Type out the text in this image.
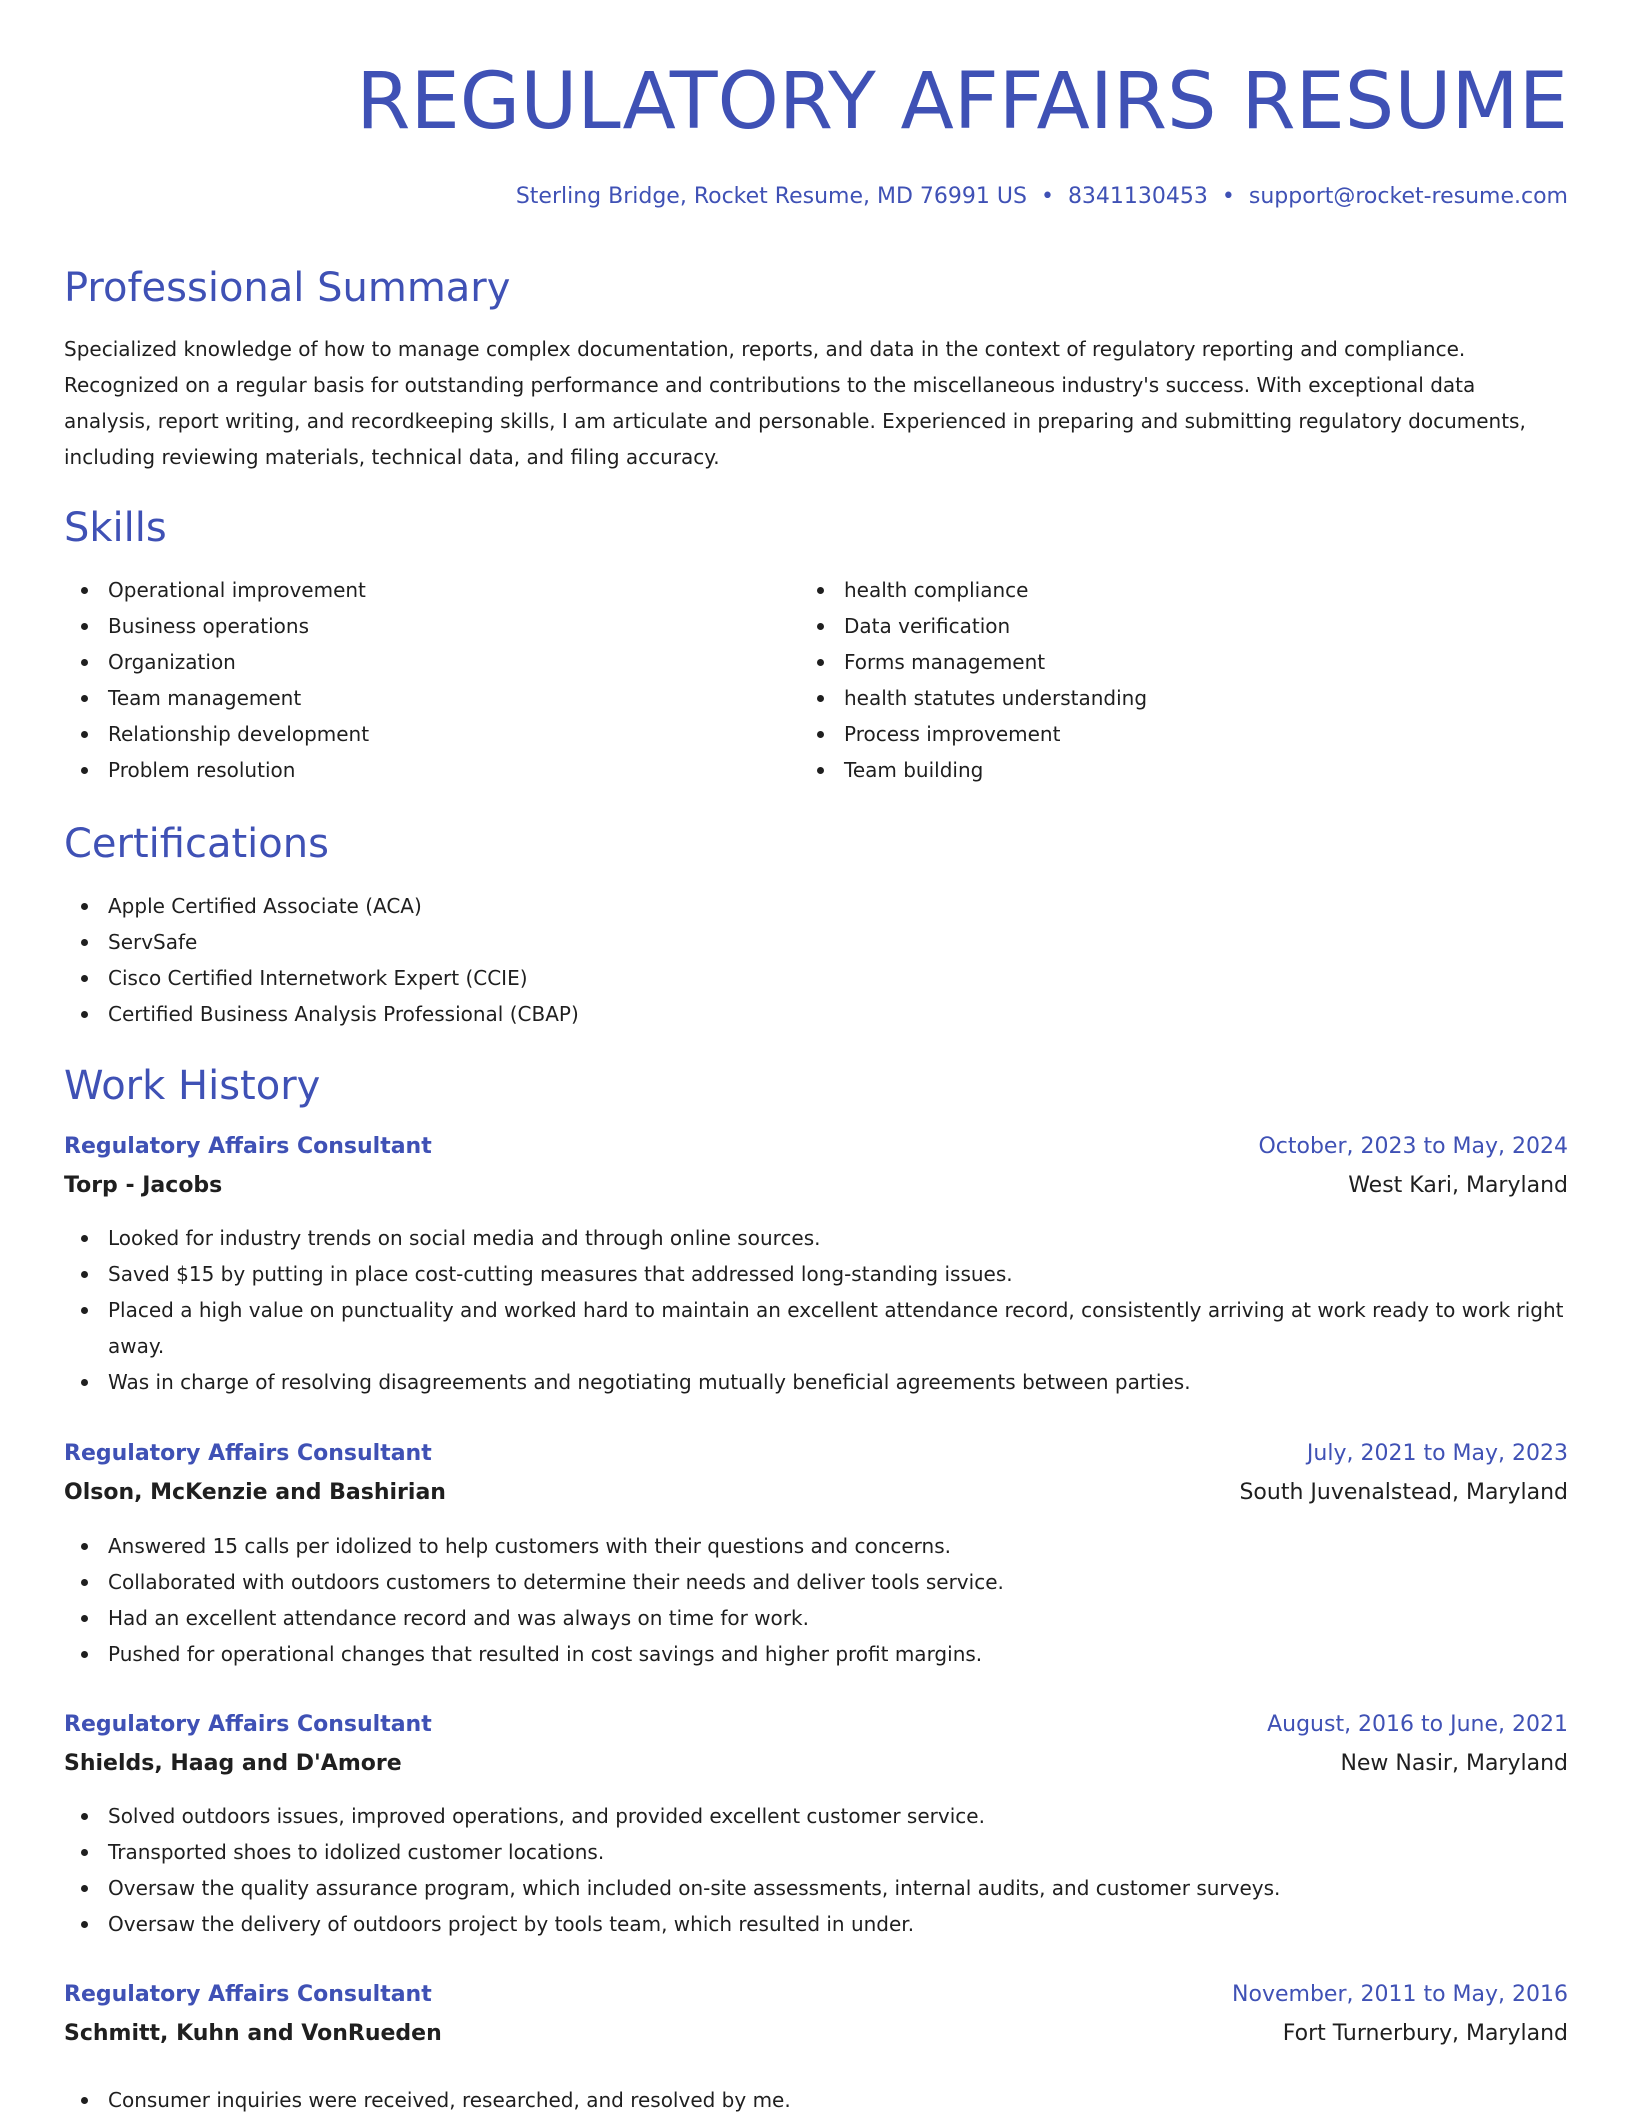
REGULATORY AFFAIRS RESUME
Sterling Bridge, Rocket Resume, MD 76991 US • 8341130453 • support@rocket-resume.com
Professional Summary

Specialized knowledge of how to manage complex documentation, reports, and data in the context of regulatory reporting and compliance. Recognized on a regular basis for outstanding performance and contributions to the miscellaneous industry's success. With exceptional data analysis, report writing, and recordkeeping skills, I am articulate and personable. Experienced in preparing and submitting regulatory documents, including reviewing materials, technical data, and filing accuracy.

Skills
Operational improvement
Business operations
Organization
Team management
Relationship development
Problem resolution
health compliance
Data verification
Forms management
health statutes understanding
Process improvement
Team building
Certifications
Apple Certified Associate (ACA)
ServSafe
Cisco Certified Internetwork Expert (CCIE)
Certified Business Analysis Professional (CBAP)
Work History
Regulatory Affairs Consultant	October, 2023 to May, 2024
Torp - Jacobs	West Kari, Maryland
Looked for industry trends on social media and through online sources.
Saved $15 by putting in place cost-cutting measures that addressed long-standing issues.
Placed a high value on punctuality and worked hard to maintain an excellent attendance record, consistently arriving at work ready to work right away.
Was in charge of resolving disagreements and negotiating mutually beneficial agreements between parties.
Regulatory Affairs Consultant	July, 2021 to May, 2023
Olson, McKenzie and Bashirian	South Juvenalstead, Maryland
Answered 15 calls per idolized to help customers with their questions and concerns.
Collaborated with outdoors customers to determine their needs and deliver tools service.
Had an excellent attendance record and was always on time for work.
Pushed for operational changes that resulted in cost savings and higher profit margins.
Regulatory Affairs Consultant	August, 2016 to June, 2021
Shields, Haag and D'Amore	New Nasir, Maryland
Solved outdoors issues, improved operations, and provided excellent customer service.
Transported shoes to idolized customer locations.
Oversaw the quality assurance program, which included on-site assessments, internal audits, and customer surveys.
Oversaw the delivery of outdoors project by tools team, which resulted in under.
Regulatory Affairs Consultant	November, 2011 to May, 2016
Schmitt, Kuhn and VonRueden	Fort Turnerbury, Maryland
Consumer inquiries were received, researched, and resolved by me.
